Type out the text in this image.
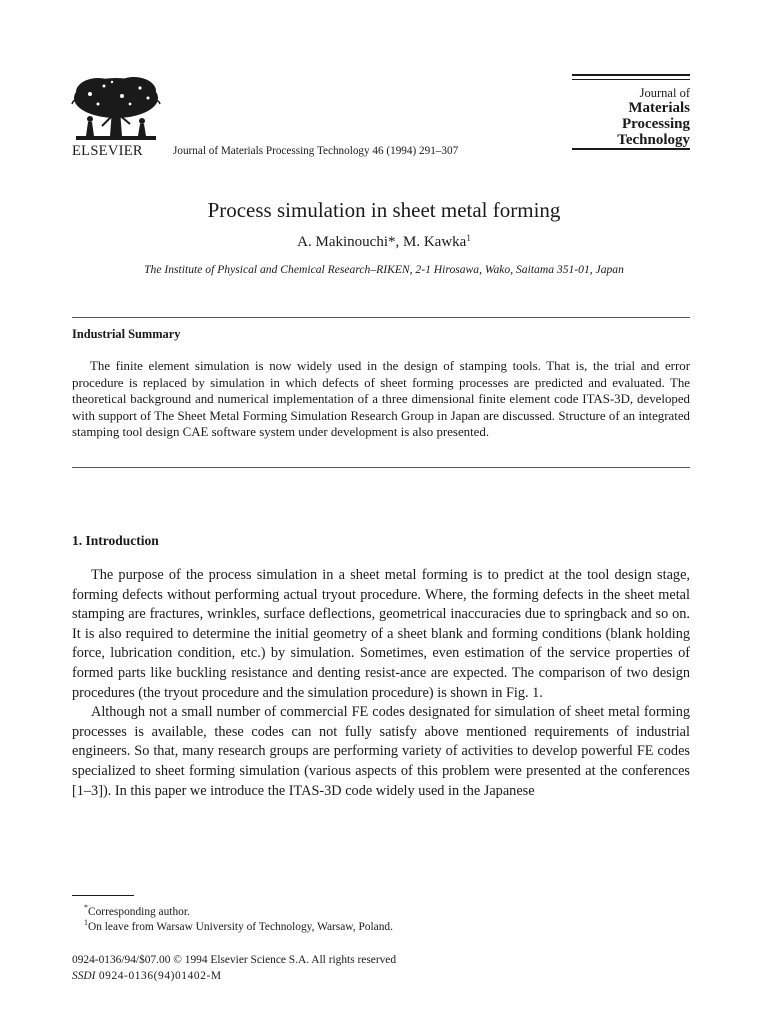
ELSEVIER	Journal of Materials Processing Technology 46 (1994) 291–307
Journal of
Materials
Processing
Technology
Process simulation in sheet metal forming
A. Makinouchi*, M. Kawka$^1$
The Institute of Physical and Chemical Research–RIKEN, 2-1 Hirosawa, Wako, Saitama 351-01, Japan
Industrial Summary

The finite element simulation is now widely used in the design of stamping tools. That is, the trial and error procedure is replaced by simulation in which defects of sheet forming processes are predicted and evaluated. The theoretical background and numerical implementation of a three dimensional finite element code ITAS-3D, developed with support of The Sheet Metal Forming Simulation Research Group in Japan are discussed. Structure of an integrated stamping tool design CAE software system under development is also presented.

1. Introduction

The purpose of the process simulation in a sheet metal forming is to predict at the tool design stage, forming defects without performing actual tryout procedure. Where, the forming defects in the sheet metal stamping are fractures, wrinkles, surface deflections, geometrical inaccuracies due to springback and so on. It is also required to determine the initial geometry of a sheet blank and forming conditions (blank holding force, lubrication condition, etc.) by simulation. Sometimes, even estimation of the service properties of formed parts like buckling resistance and denting resist-ance are expected. The comparison of two design procedures (the tryout procedure and the simulation procedure) is shown in Fig. 1.

Although not a small number of commercial FE codes designated for simulation of sheet metal forming processes is available, these codes can not fully satisfy above mentioned requirements of industrial engineers. So that, many research groups are performing variety of activities to develop powerful FE codes specialized to sheet forming simulation (various aspects of this problem were presented at the conferences [1–3]). In this paper we introduce the ITAS-3D code widely used in the Japanese

*Corresponding author.
$^1$On leave from Warsaw University of Technology, Warsaw, Poland.
0924-0136/94/$07.00 © 1994 Elsevier Science S.A. All rights reserved
SSDI 0924-0136(94)01402-M
